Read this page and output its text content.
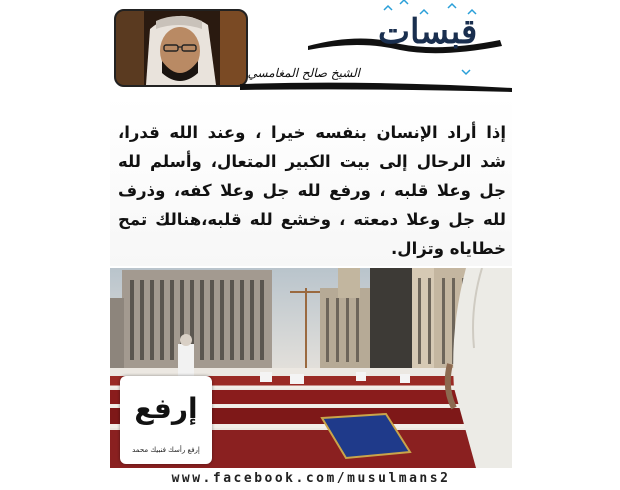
قبسات
الشيخ صالح المغامسي
إذا أراد الإنسان بنفسه خيرا ، وعند الله قدرا، شد الرحال إلى بيت الكبير المتعال، وأسلم لله جل وعلا قلبه ، ورفع لله جل وعلا كفه، وذرف لله جل وعلا دمعته ، وخشع لله قلبه،هنالك تمح خطاياه وتزال.
إرفع
إرفع رأسك فنبيك محمد
www.facebook.com/musulmans2
